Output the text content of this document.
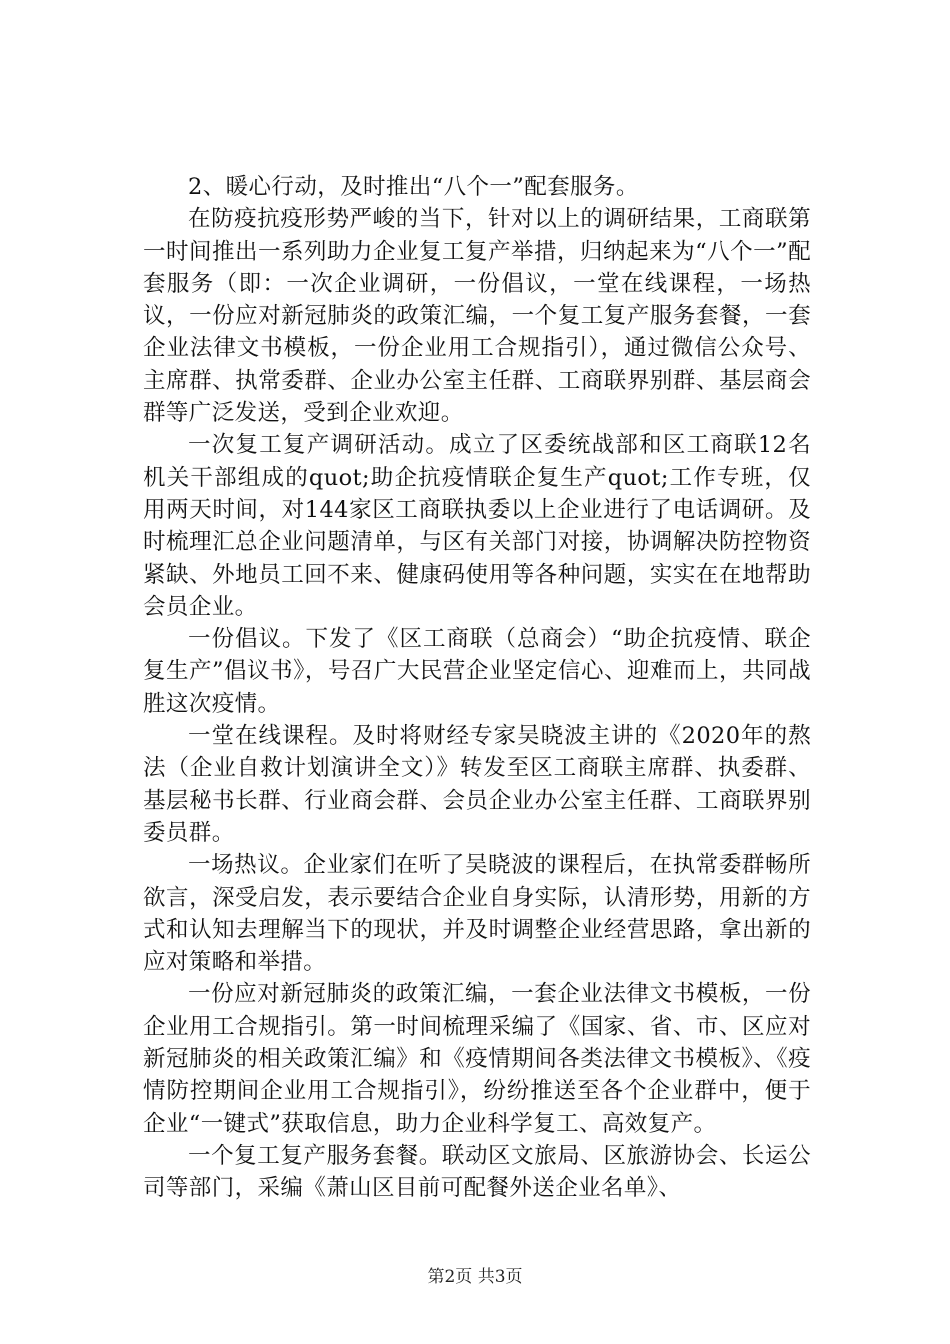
2、暖心行动，及时推出“八个一”配套服务。

在防疫抗疫形势严峻的当下，针对以上的调研结果，工商联第一时间推出一系列助力企业复工复产举措，归纳起来为“八个一”配套服务（即：一次企业调研，一份倡议，一堂在线课程，一场热议，一份应对新冠肺炎的政策汇编，一个复工复产服务套餐，一套企业法律文书模板，一份企业用工合规指引），通过微信公众号、主席群、执常委群、企业办公室主任群、工商联界别群、基层商会群等广泛发送，受到企业欢迎。

一次复工复产调研活动。成立了区委统战部和区工商联12名机关干部组成的quot;助企抗疫情联企复生产quot;工作专班，仅用两天时间，对144家区工商联执委以上企业进行了电话调研。及时梳理汇总企业问题清单，与区有关部门对接，协调解决防控物资紧缺、外地员工回不来、健康码使用等各种问题，实实在在地帮助会员企业。

一份倡议。下发了《区工商联（总商会）“助企抗疫情、联企复生产”倡议书》，号召广大民营企业坚定信心、迎难而上，共同战胜这次疫情。

一堂在线课程。及时将财经专家吴晓波主讲的《2020年的熬法（企业自救计划演讲全文）》转发至区工商联主席群、执委群、基层秘书长群、行业商会群、会员企业办公室主任群、工商联界别委员群。

一场热议。企业家们在听了吴晓波的课程后，在执常委群畅所欲言，深受启发，表示要结合企业自身实际，认清形势，用新的方式和认知去理解当下的现状，并及时调整企业经营思路，拿出新的应对策略和举措。

一份应对新冠肺炎的政策汇编，一套企业法律文书模板，一份企业用工合规指引。第一时间梳理采编了《国家、省、市、区应对新冠肺炎的相关政策汇编》和《疫情期间各类法律文书模板》、《疫情防控期间企业用工合规指引》，纷纷推送至各个企业群中，便于企业“一键式”获取信息，助力企业科学复工、高效复产。

一个复工复产服务套餐。联动区文旅局、区旅游协会、长运公司等部门，采编《萧山区目前可配餐外送企业名单》、

第2页 共3页
